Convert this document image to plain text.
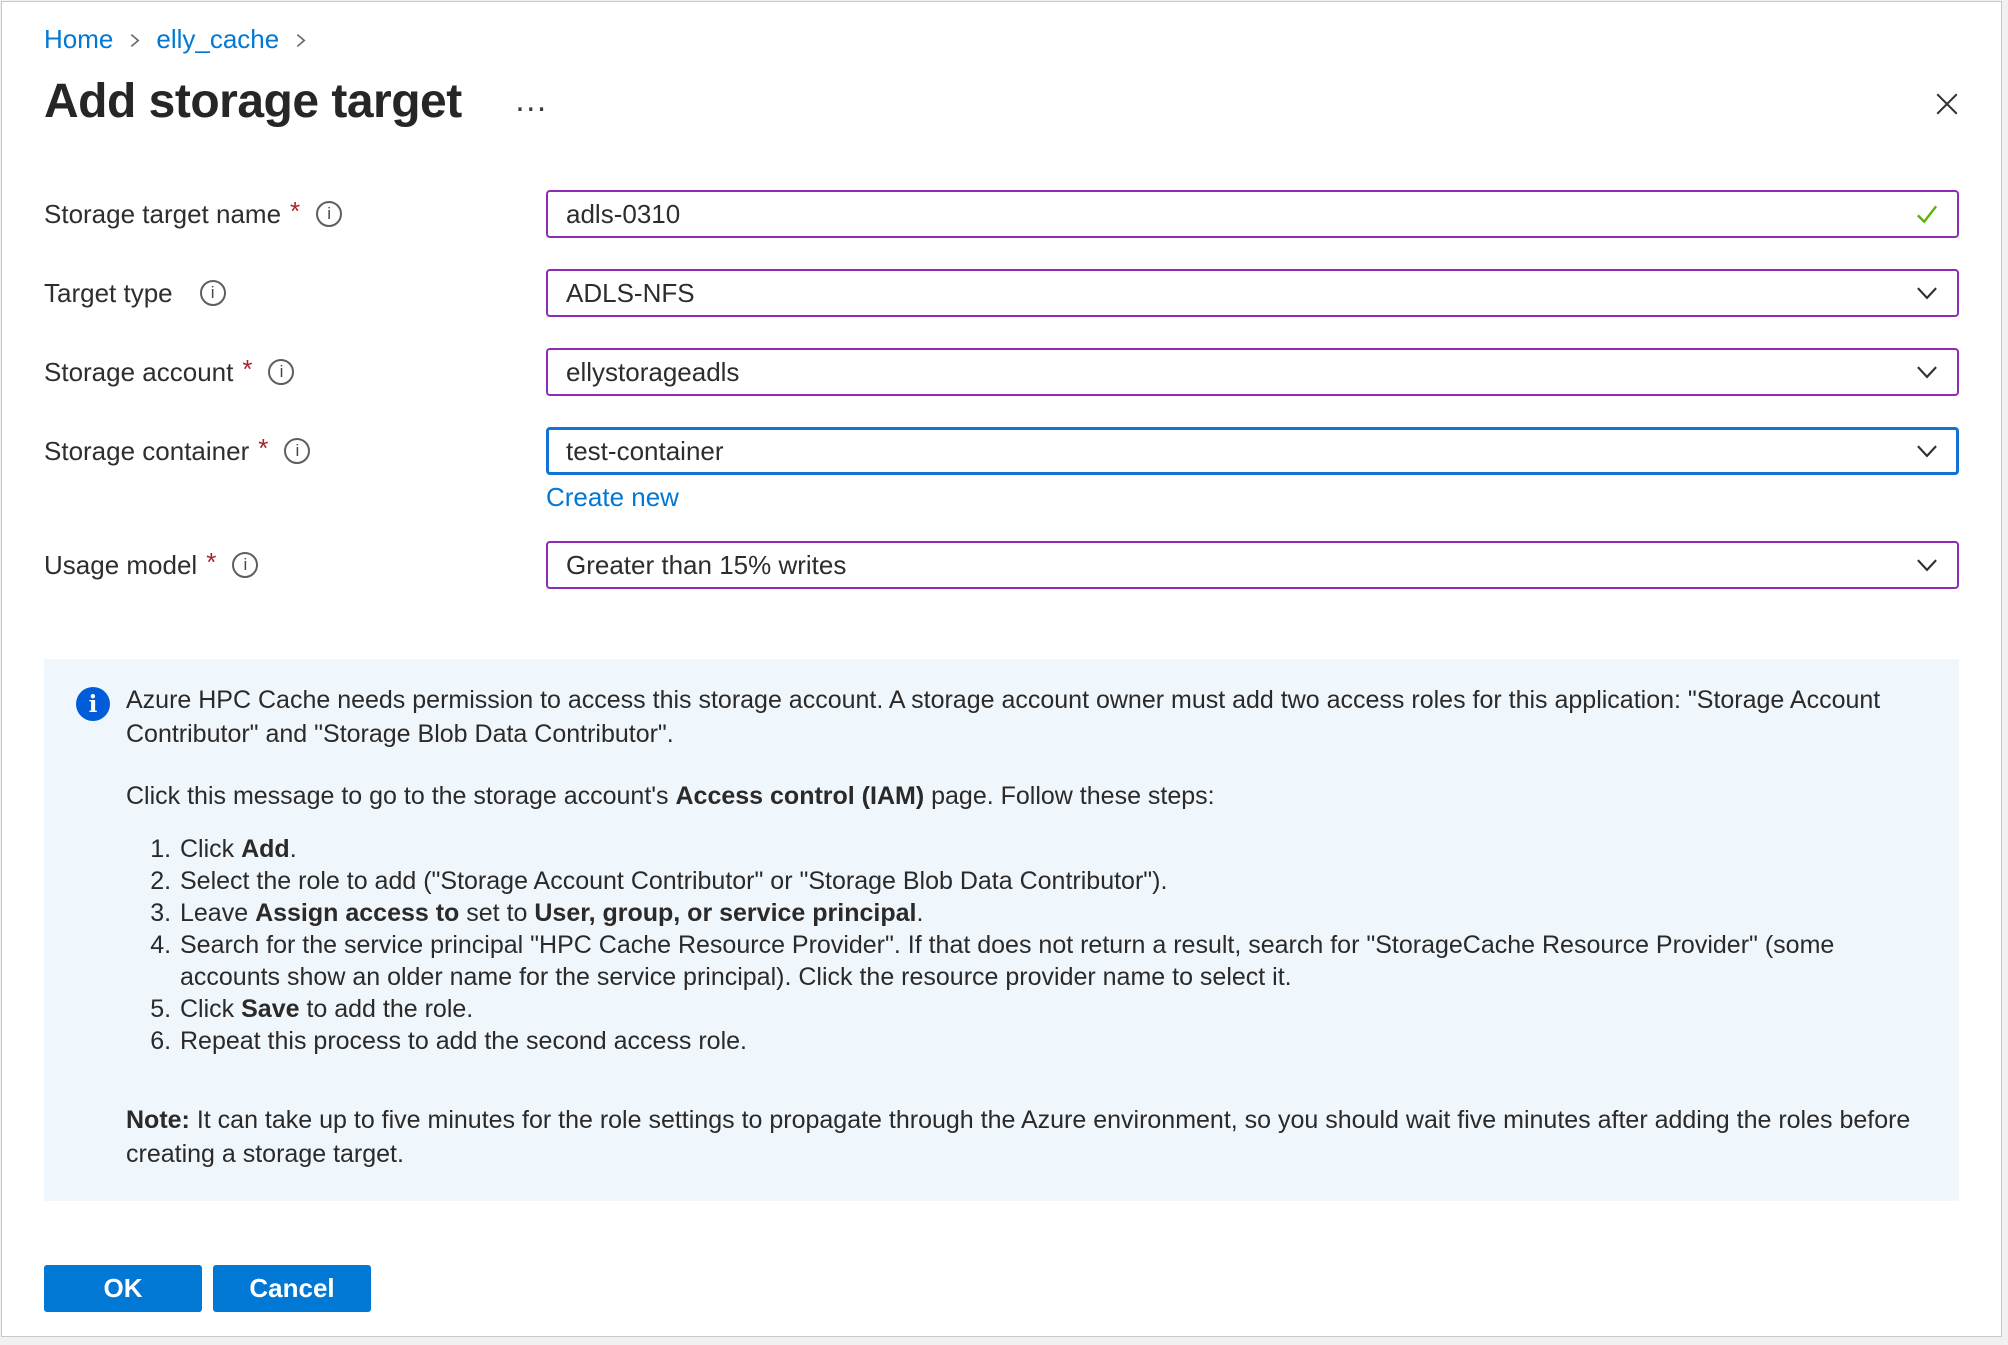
Home elly_cache
Add storage target …
Storage target name *	i	adls-0310
Target type	i	ADLS-NFS
Storage account *	i	ellystorageadls
Storage container *	i	test-container
Create new
Usage model *	i	Greater than 15% writes
i	Azure HPC Cache needs permission to access this storage account. A storage account owner must add two access roles for this application: "Storage Account Contributor" and "Storage Blob Data Contributor".
Click this message to go to the storage account's Access control (IAM) page. Follow these steps:
1. Click Add.
2. Select the role to add ("Storage Account Contributor" or "Storage Blob Data Contributor").
3. Leave Assign access to set to User, group, or service principal.
4. Search for the service principal "HPC Cache Resource Provider". If that does not return a result, search for "StorageCache Resource Provider" (some accounts show an older name for the service principal). Click the resource provider name to select it.
5. Click Save to add the role.
6. Repeat this process to add the second access role.
Note: It can take up to five minutes for the role settings to propagate through the Azure environment, so you should wait five minutes after adding the roles before creating a storage target.
OK	Cancel
